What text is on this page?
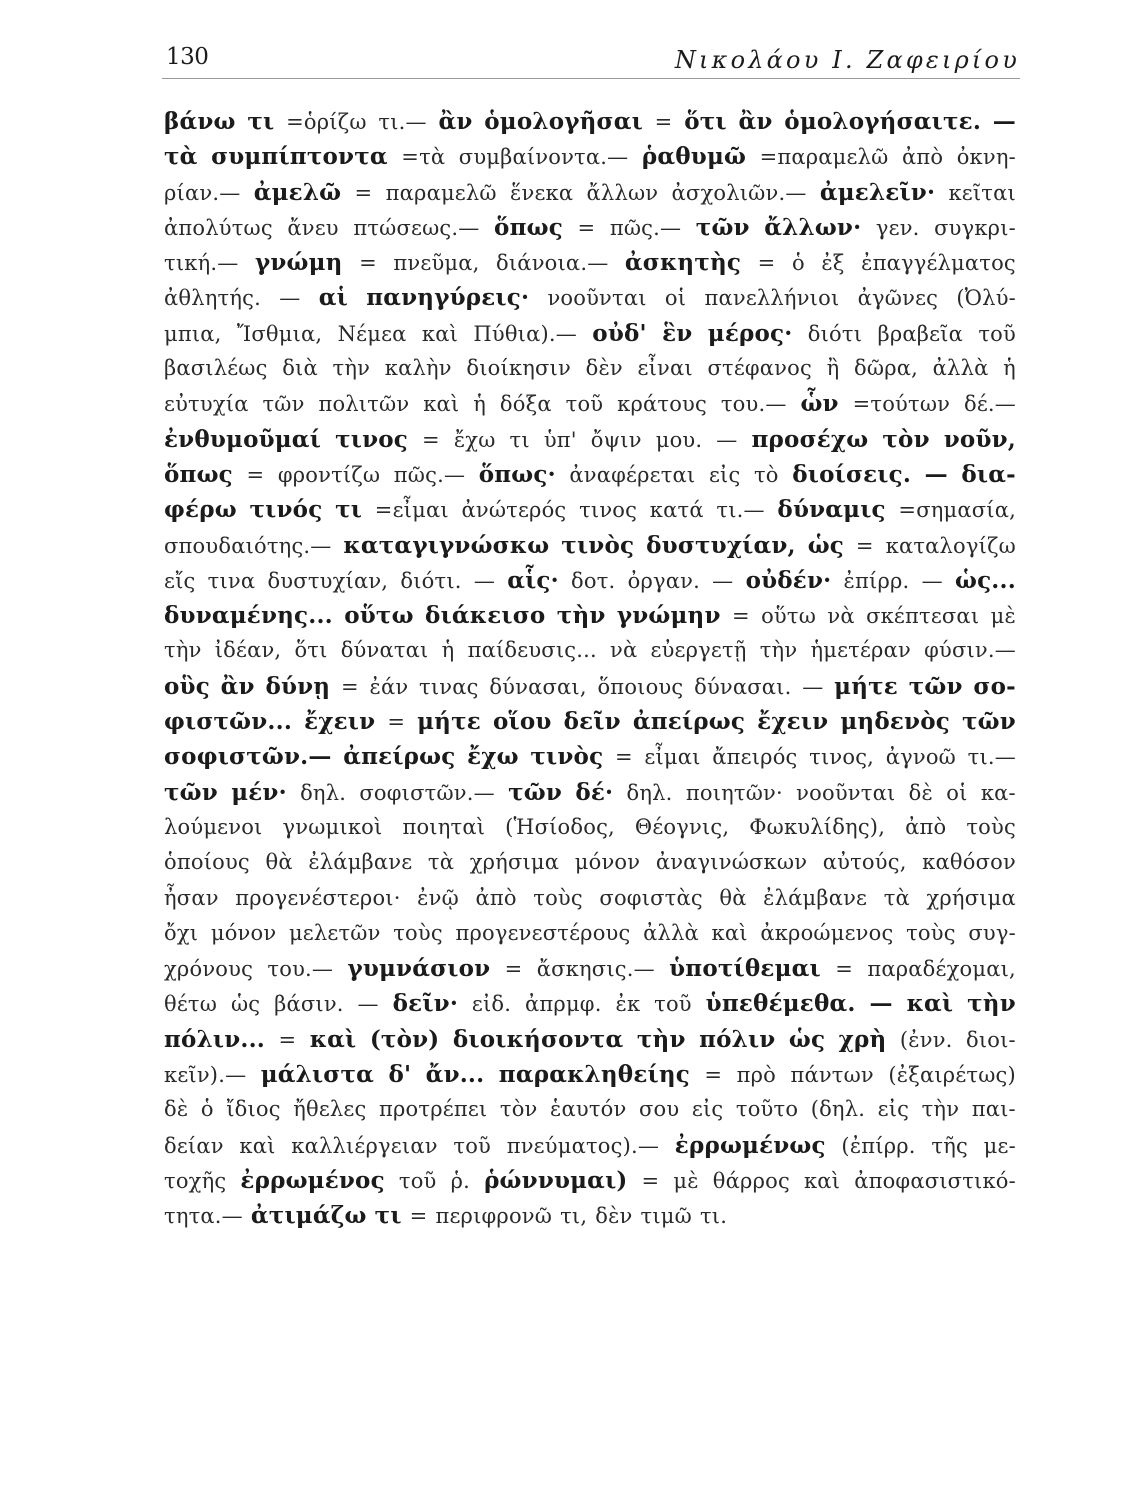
130	Νικολάου Ι. Ζαφειρίου
βάνω τι =ὁρίζω τι.— ἂν ὁμολογῆσαι = ὅτι ἂν ὁμολογήσαιτε. —
τὰ συμπίπτοντα =τὰ συμβαίνοντα.— ῥαθυμῶ =παραμελῶ ἀπὸ ὀκνη-
ρίαν.— ἀμελῶ = παραμελῶ ἕνεκα ἄλλων ἀσχολιῶν.— ἀμελεῖν· κεῖται
ἀπολύτως ἄνευ πτώσεως.— ὅπως = πῶς.— τῶν ἄλλων· γεν. συγκρι-
τική.— γνώμη = πνεῦμα, διάνοια.— ἀσκητὴς = ὁ ἐξ ἐπαγγέλματος
ἀθλητής. — αἱ πανηγύρεις· νοοῦνται οἱ πανελλήνιοι ἀγῶνες (Ὀλύ-
μπια, Ἴσθμια, Νέμεα καὶ Πύθια).— οὐδ' ἓν μέρος· διότι βραβεῖα τοῦ
βασιλέως διὰ τὴν καλὴν διοίκησιν δὲν εἶναι στέφανος ἢ δῶρα, ἀλλὰ ἡ
εὐτυχία τῶν πολιτῶν καὶ ἡ δόξα τοῦ κράτους του.— ὧν =τούτων δέ.—
ἐνθυμοῦμαί τινος = ἔχω τι ὑπ' ὄψιν μου. — προσέχω τὸν νοῦν,
ὅπως = φροντίζω πῶς.— ὅπως· ἀναφέρεται εἰς τὸ διοίσεις. — δια-
φέρω τινός τι =εἶμαι ἀνώτερός τινος κατά τι.— δύναμις =σημασία,
σπουδαιότης.— καταγιγνώσκω τινὸς δυστυχίαν, ὡς = καταλογίζω
εἴς τινα δυστυχίαν, διότι. — αἷς· δοτ. ὀργαν. — οὐδέν· ἐπίρρ. — ὡς...
δυναμένης... οὕτω διάκεισο τὴν γνώμην = οὕτω νὰ σκέπτεσαι μὲ
τὴν ἰδέαν, ὅτι δύναται ἡ παίδευσις... νὰ εὐεργετῇ τὴν ἡμετέραν φύσιν.—
οὓς ἂν δύνῃ = ἐάν τινας δύνασαι, ὅποιους δύνασαι. — μήτε τῶν σο-
φιστῶν... ἔχειν = μήτε οἵου δεῖν ἀπείρως ἔχειν μηδενὸς τῶν
σοφιστῶν.— ἀπείρως ἔχω τινὸς = εἶμαι ἄπειρός τινος, ἀγνοῶ τι.—
τῶν μέν· δηλ. σοφιστῶν.— τῶν δέ· δηλ. ποιητῶν· νοοῦνται δὲ οἱ κα-
λούμενοι γνωμικοὶ ποιηταὶ (Ἡσίοδος, Θέογνις, Φωκυλίδης), ἀπὸ τοὺς
ὁποίους θὰ ἐλάμβανε τὰ χρήσιμα μόνον ἀναγινώσκων αὐτούς, καθόσον
ἦσαν προγενέστεροι· ἐνῷ ἀπὸ τοὺς σοφιστὰς θὰ ἐλάμβανε τὰ χρήσιμα
ὄχι μόνον μελετῶν τοὺς προγενεστέρους ἀλλὰ καὶ ἀκροώμενος τοὺς συγ-
χρόνους του.— γυμνάσιον = ἄσκησις.— ὑποτίθεμαι = παραδέχομαι,
θέτω ὡς βάσιν. — δεῖν· εἰδ. ἀπρμφ. ἐκ τοῦ ὑπεθέμεθα. — καὶ τὴν
πόλιν... = καὶ (τὸν) διοικήσοντα τὴν πόλιν ὡς χρὴ (ἐνν. διοι-
κεῖν).— μάλιστα δ' ἄν... παρακληθείης = πρὸ πάντων (ἐξαιρέτως)
δὲ ὁ ἴδιος ἤθελες προτρέπει τὸν ἑαυτόν σου εἰς τοῦτο (δηλ. εἰς τὴν παι-
δείαν καὶ καλλιέργειαν τοῦ πνεύματος).— ἐρρωμένως (ἐπίρρ. τῆς με-
τοχῆς ἐρρωμένος τοῦ ῥ. ῥώννυμαι) = μὲ θάρρος καὶ ἀποφασιστικό-
τητα.— ἀτιμάζω τι = περιφρονῶ τι, δὲν τιμῶ τι.
